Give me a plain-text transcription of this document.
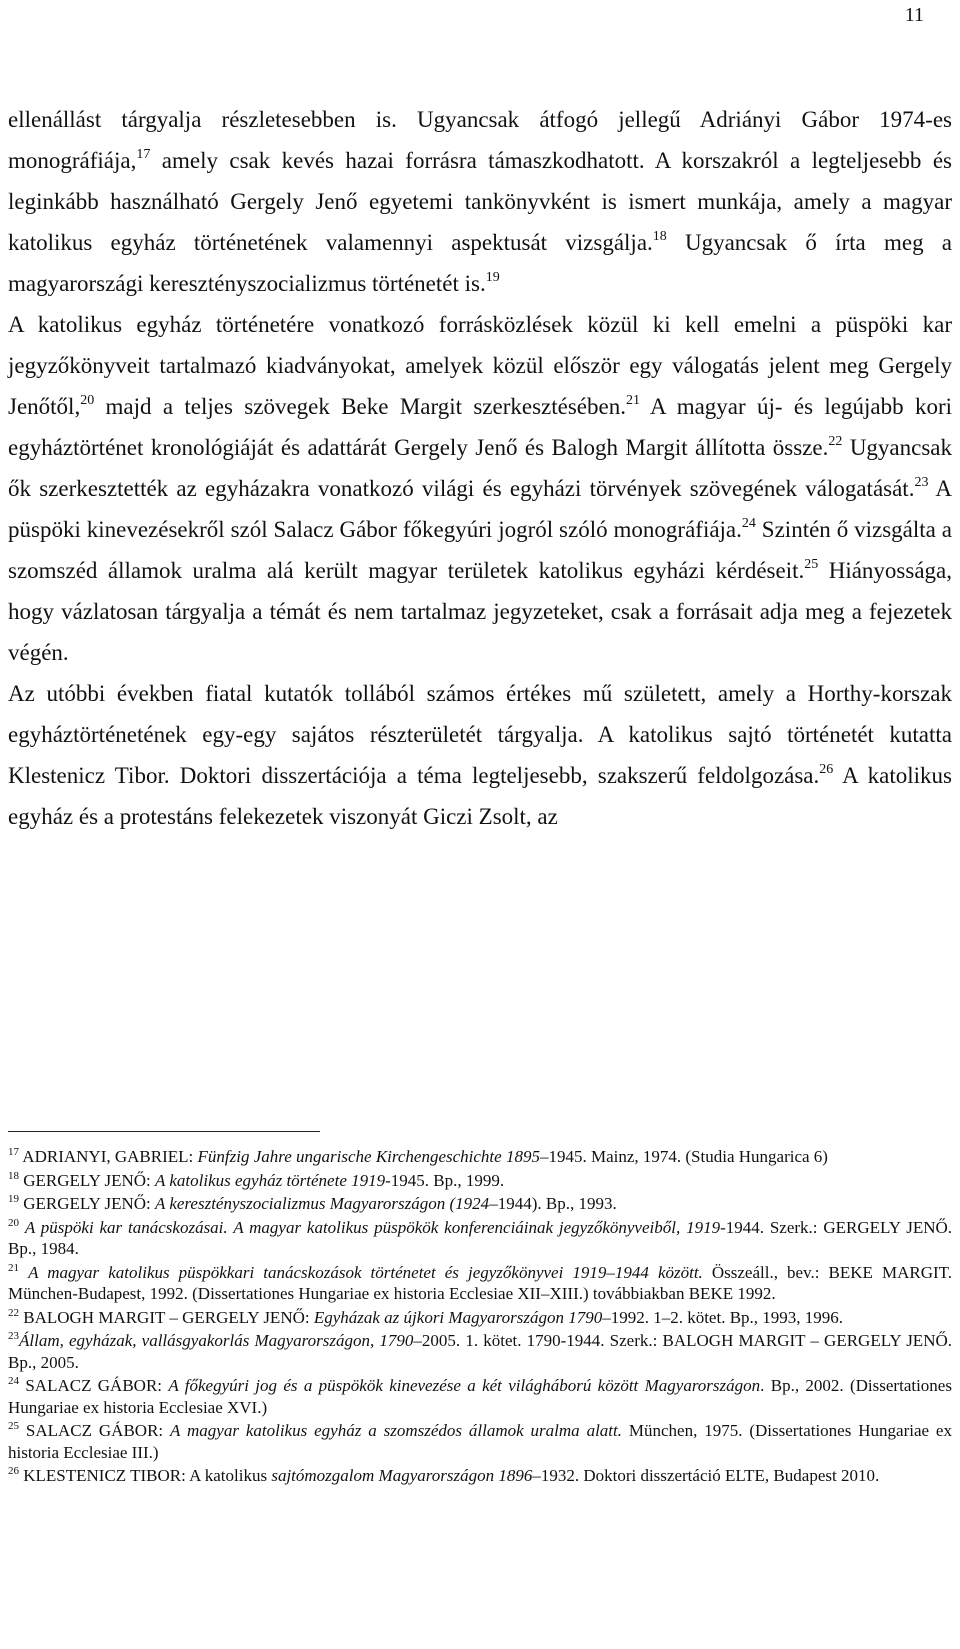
11

ellenállást tárgyalja részletesebben is. Ugyancsak átfogó jellegű Adriányi Gábor 1974-es monográfiája,$^{17}$ amely csak kevés hazai forrásra támaszkodhatott. A korszakról a legteljesebb és leginkább használható Gergely Jenő egyetemi tankönyvként is ismert munkája, amely a magyar katolikus egyház történetének valamennyi aspektusát vizsgálja.$^{18}$ Ugyancsak ő írta meg a magyarországi keresztényszocializmus történetét is.$^{19}$

A katolikus egyház történetére vonatkozó forrásközlések közül ki kell emelni a püspöki kar jegyzőkönyveit tartalmazó kiadványokat, amelyek közül először egy válogatás jelent meg Gergely Jenőtől,$^{20}$ majd a teljes szövegek Beke Margit szerkesztésében.$^{21}$ A magyar új- és legújabb kori egyháztörténet kronológiáját és adattárát Gergely Jenő és Balogh Margit állította össze.$^{22}$ Ugyancsak ők szerkesztették az egyházakra vonatkozó világi és egyházi törvények szövegének válogatását.$^{23}$ A püspöki kinevezésekről szól Salacz Gábor főkegyúri jogról szóló monográfiája.$^{24}$ Szintén ő vizsgálta a szomszéd államok uralma alá került magyar területek katolikus egyházi kérdéseit.$^{25}$ Hiányossága, hogy vázlatosan tárgyalja a témát és nem tartalmaz jegyzeteket, csak a forrásait adja meg a fejezetek végén.

Az utóbbi években fiatal kutatók tollából számos értékes mű született, amely a Horthy-korszak egyháztörténetének egy-egy sajátos részterületét tárgyalja. A katolikus sajtó történetét kutatta Klestenicz Tibor. Doktori disszertációja a téma legteljesebb, szakszerű feldolgozása.$^{26}$ A katolikus egyház és a protestáns felekezetek viszonyát Giczi Zsolt, az

$^{17}$ ADRIANYI, GABRIEL: Fünfzig Jahre ungarische Kirchengeschichte 1895–1945. Mainz, 1974. (Studia Hungarica 6)

$^{18}$ GERGELY JENŐ: A katolikus egyház története 1919-1945. Bp., 1999.

$^{19}$ GERGELY JENŐ: A keresztényszocializmus Magyarországon (1924–1944). Bp., 1993.

$^{20}$ A püspöki kar tanácskozásai. A magyar katolikus püspökök konferenciáinak jegyzőkönyveiből, 1919-1944. Szerk.: GERGELY JENŐ. Bp., 1984.

$^{21}$ A magyar katolikus püspökkari tanácskozások történetet és jegyzőkönyvei 1919–1944 között. Összeáll., bev.: BEKE MARGIT. München-Budapest, 1992. (Dissertationes Hungariae ex historia Ecclesiae XII–XIII.) továbbiakban BEKE 1992.

$^{22}$ BALOGH MARGIT – GERGELY JENŐ: Egyházak az újkori Magyarországon 1790–1992. 1–2. kötet. Bp., 1993, 1996.

$^{23}$Állam, egyházak, vallásgyakorlás Magyarországon, 1790–2005. 1. kötet. 1790-1944. Szerk.: BALOGH MARGIT – GERGELY JENŐ. Bp., 2005.

$^{24}$ SALACZ GÁBOR: A főkegyúri jog és a püspökök kinevezése a két világháború között Magyarországon. Bp., 2002. (Dissertationes Hungariae ex historia Ecclesiae XVI.)

$^{25}$ SALACZ GÁBOR: A magyar katolikus egyház a szomszédos államok uralma alatt. München, 1975. (Dissertationes Hungariae ex historia Ecclesiae III.)

$^{26}$ KLESTENICZ TIBOR: A katolikus sajtómozgalom Magyarországon 1896–1932. Doktori disszertáció ELTE, Budapest 2010.
